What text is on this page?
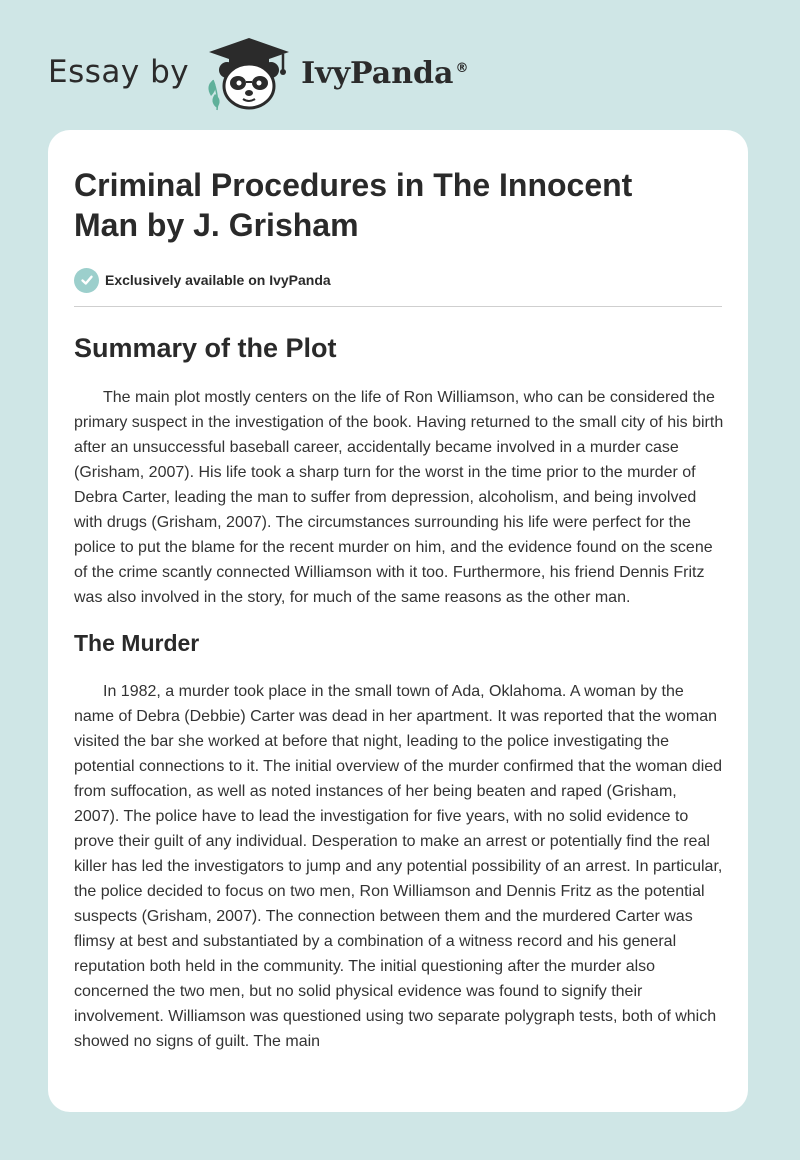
Essay by	IvyPanda ®
Criminal Procedures in The Innocent Man by J. Grisham
Exclusively available on IvyPanda
Summary of the Plot

The main plot mostly centers on the life of Ron Williamson, who can be considered the primary suspect in the investigation of the book. Having returned to the small city of his birth after an unsuccessful baseball career, accidentally became involved in a murder case (Grisham, 2007). His life took a sharp turn for the worst in the time prior to the murder of Debra Carter, leading the man to suffer from depression, alcoholism, and being involved with drugs (Grisham, 2007). The circumstances surrounding his life were perfect for the police to put the blame for the recent murder on him, and the evidence found on the scene of the crime scantly connected Williamson with it too. Furthermore, his friend Dennis Fritz was also involved in the story, for much of the same reasons as the other man.

The Murder

In 1982, a murder took place in the small town of Ada, Oklahoma. A woman by the name of Debra (Debbie) Carter was dead in her apartment. It was reported that the woman visited the bar she worked at before that night, leading to the police investigating the potential connections to it. The initial overview of the murder confirmed that the woman died from suffocation, as well as noted instances of her being beaten and raped (Grisham, 2007). The police have to lead the investigation for five years, with no solid evidence to prove their guilt of any individual. Desperation to make an arrest or potentially find the real killer has led the investigators to jump and any potential possibility of an arrest. In particular, the police decided to focus on two men, Ron Williamson and Dennis Fritz as the potential suspects (Grisham, 2007). The connection between them and the murdered Carter was flimsy at best and substantiated by a combination of a witness record and his general reputation both held in the community. The initial questioning after the murder also concerned the two men, but no solid physical evidence was found to signify their involvement. Williamson was questioned using two separate polygraph tests, both of which showed no signs of guilt. The main
